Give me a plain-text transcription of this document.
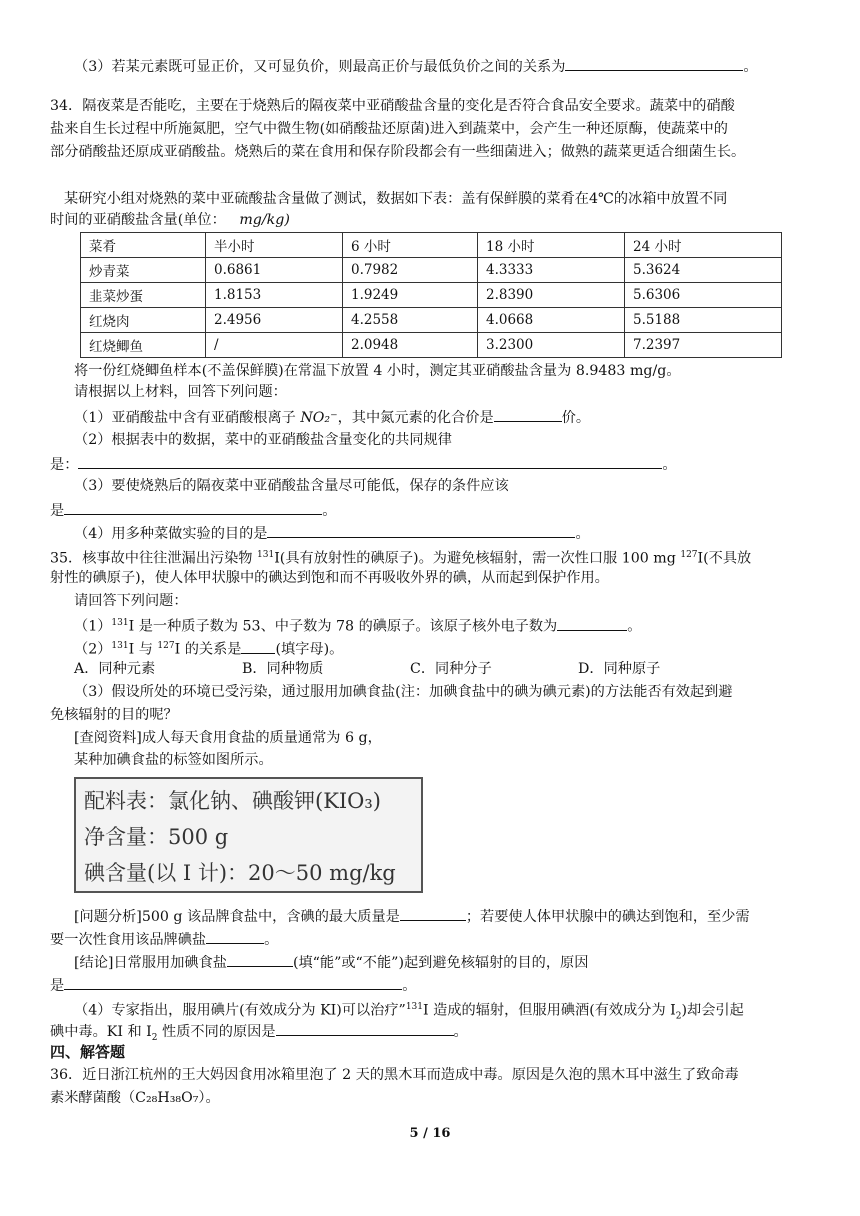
（3）若某元素既可显正价，又可显负价，则最高正价与最低负价之间的关系为	。
34．隔夜菜是否能吃，主要在于烧熟后的隔夜菜中亚硝酸盐含量的变化是否符合食品安全要求。蔬菜中的硝酸
盐来自生长过程中所施氮肥，空气中微生物(如硝酸盐还原菌)进入到蔬菜中，会产生一种还原酶，使蔬菜中的
部分硝酸盐还原成亚硝酸盐。烧熟后的菜在食用和保存阶段都会有一些细菌进入；做熟的蔬菜更适合细菌生长。
某研究小组对烧熟的菜中亚硫酸盐含量做了测试，数据如下表：盖有保鲜膜的菜肴在4℃的冰箱中放置不同
时间的亚硝酸盐含量(单位： mg/kg)
菜肴	半小时	6 小时	18 小时	24 小时
炒青菜	0.6861	0.7982	4.3333	5.3624
韭菜炒蛋	1.8153	1.9249	2.8390	5.6306
红烧肉	2.4956	4.2558	4.0668	5.5188
红烧鲫鱼	/	2.0948	3.2300	7.2397
将一份红烧鲫鱼样本(不盖保鲜膜)在常温下放置 4 小时，测定其亚硝酸盐含量为 8.9483 mg/g。
请根据以上材料，回答下列问题：
（1）亚硝酸盐中含有亚硝酸根离子 NO₂⁻，其中氮元素的化合价是	价。
（2）根据表中的数据，菜中的亚硝酸盐含量变化的共同规律
是：	。
（3）要使烧熟后的隔夜菜中亚硝酸盐含量尽可能低，保存的条件应该
是	。
（4）用多种菜做实验的目的是	。
35．核事故中往往泄漏出污染物 $^{131}$I(具有放射性的碘原子)。为避免核辐射，需一次性口服 100 mg $^{127}$I(不具放
射性的碘原子)，使人体甲状腺中的碘达到饱和而不再吸收外界的碘，从而起到保护作用。
请回答下列问题：
$(1)^{131}I$ 是一种质子数为 53、中子数为 78 的碘原子。该原子核外电子数为	。
$(2)^{131}I$ 与 $^{127}$I 的关系是 (填字母)。
A．同种元素	B．同种物质	C．同种分子	D．同种原子
（3）假设所处的环境已受污染，通过服用加碘食盐(注：加碘食盐中的碘为碘元素)的方法能否有效起到避
免核辐射的目的呢？
[查阅资料]成人每天食用食盐的质量通常为 6 g，
某种加碘食盐的标签如图所示。
配料表：氯化钠、碘酸钾(KIO₃)
净含量：500 g
碘含量(以 I 计)：20～50 mg/kg
[问题分析]500 g 该品牌食盐中，含碘的最大质量是	；若要使人体甲状腺中的碘达到饱和，至少需
要一次性食用该品牌碘盐	。
[结论]日常服用加碘食盐	(填“能”或“不能”)起到避免核辐射的目的，原因
是	。
（4）专家指出，服用碘片(有效成分为 KI)可以治疗”$^{131}$I 造成的辐射，但服用碘酒(有效成分为 $I_2$)却会引起
碘中毒。KI 和 $I_2$ 性质不同的原因是	。
四、解答题
36．近日浙江杭州的王大妈因食用冰箱里泡了 2 天的黑木耳而造成中毒。原因是久泡的黑木耳中滋生了致命毒
素米酵菌酸（C₂₈H₃₈O₇）。
5 / 16
